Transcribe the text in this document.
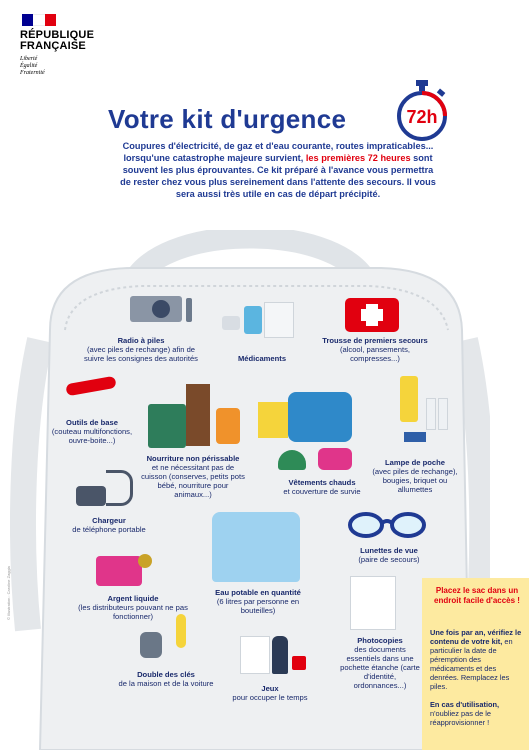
RÉPUBLIQUE
FRANÇAISE
Liberté
Égalité
Fraternité
Votre kit d'urgence	72h
Coupures d'électricité, de gaz et d'eau courante, routes impraticables... lorsqu'une catastrophe majeure survient, les premières 72 heures sont souvent les plus éprouvantes. Ce kit préparé à l'avance vous permettra de rester chez vous plus sereinement dans l'attente des secours. Il vous sera aussi très utile en cas de départ précipité.
Radio à piles
(avec piles de rechange) afin de suivre les consignes des autorités	Médicaments
Trousse de premiers secours
(alcool, pansements, compresses...)
Outils de base
(couteau multifonctions, ouvre-boite...)
Nourriture non périssable
et ne nécessitant pas de cuisson (conserves, petits pots bébé, nourriture pour animaux...)
Vêtements chauds
et couverture de survie
Lampe de poche
(avec piles de rechange), bougies, briquet ou allumettes
Chargeur
de téléphone portable
Lunettes de vue
(paire de secours)
Eau potable en quantité
(6 litres par personne en bouteilles)
Argent liquide
(les distributeurs pouvant ne pas fonctionner)
Photocopies
des documents essentiels dans une pochette étanche (carte d'identité, ordonnances...)
Double des clés
de la maison et de la voiture
Jeux
pour occuper le temps
Placez le sac dans un endroit facile d'accès !
Une fois par an, vérifiez le contenu de votre kit, en particulier la date de péremption des médicaments et des denrées. Remplacez les piles.

En cas d'utilisation, n'oubliez pas de le réapprovisionner !
© Illustration : Caroline Zaggia
